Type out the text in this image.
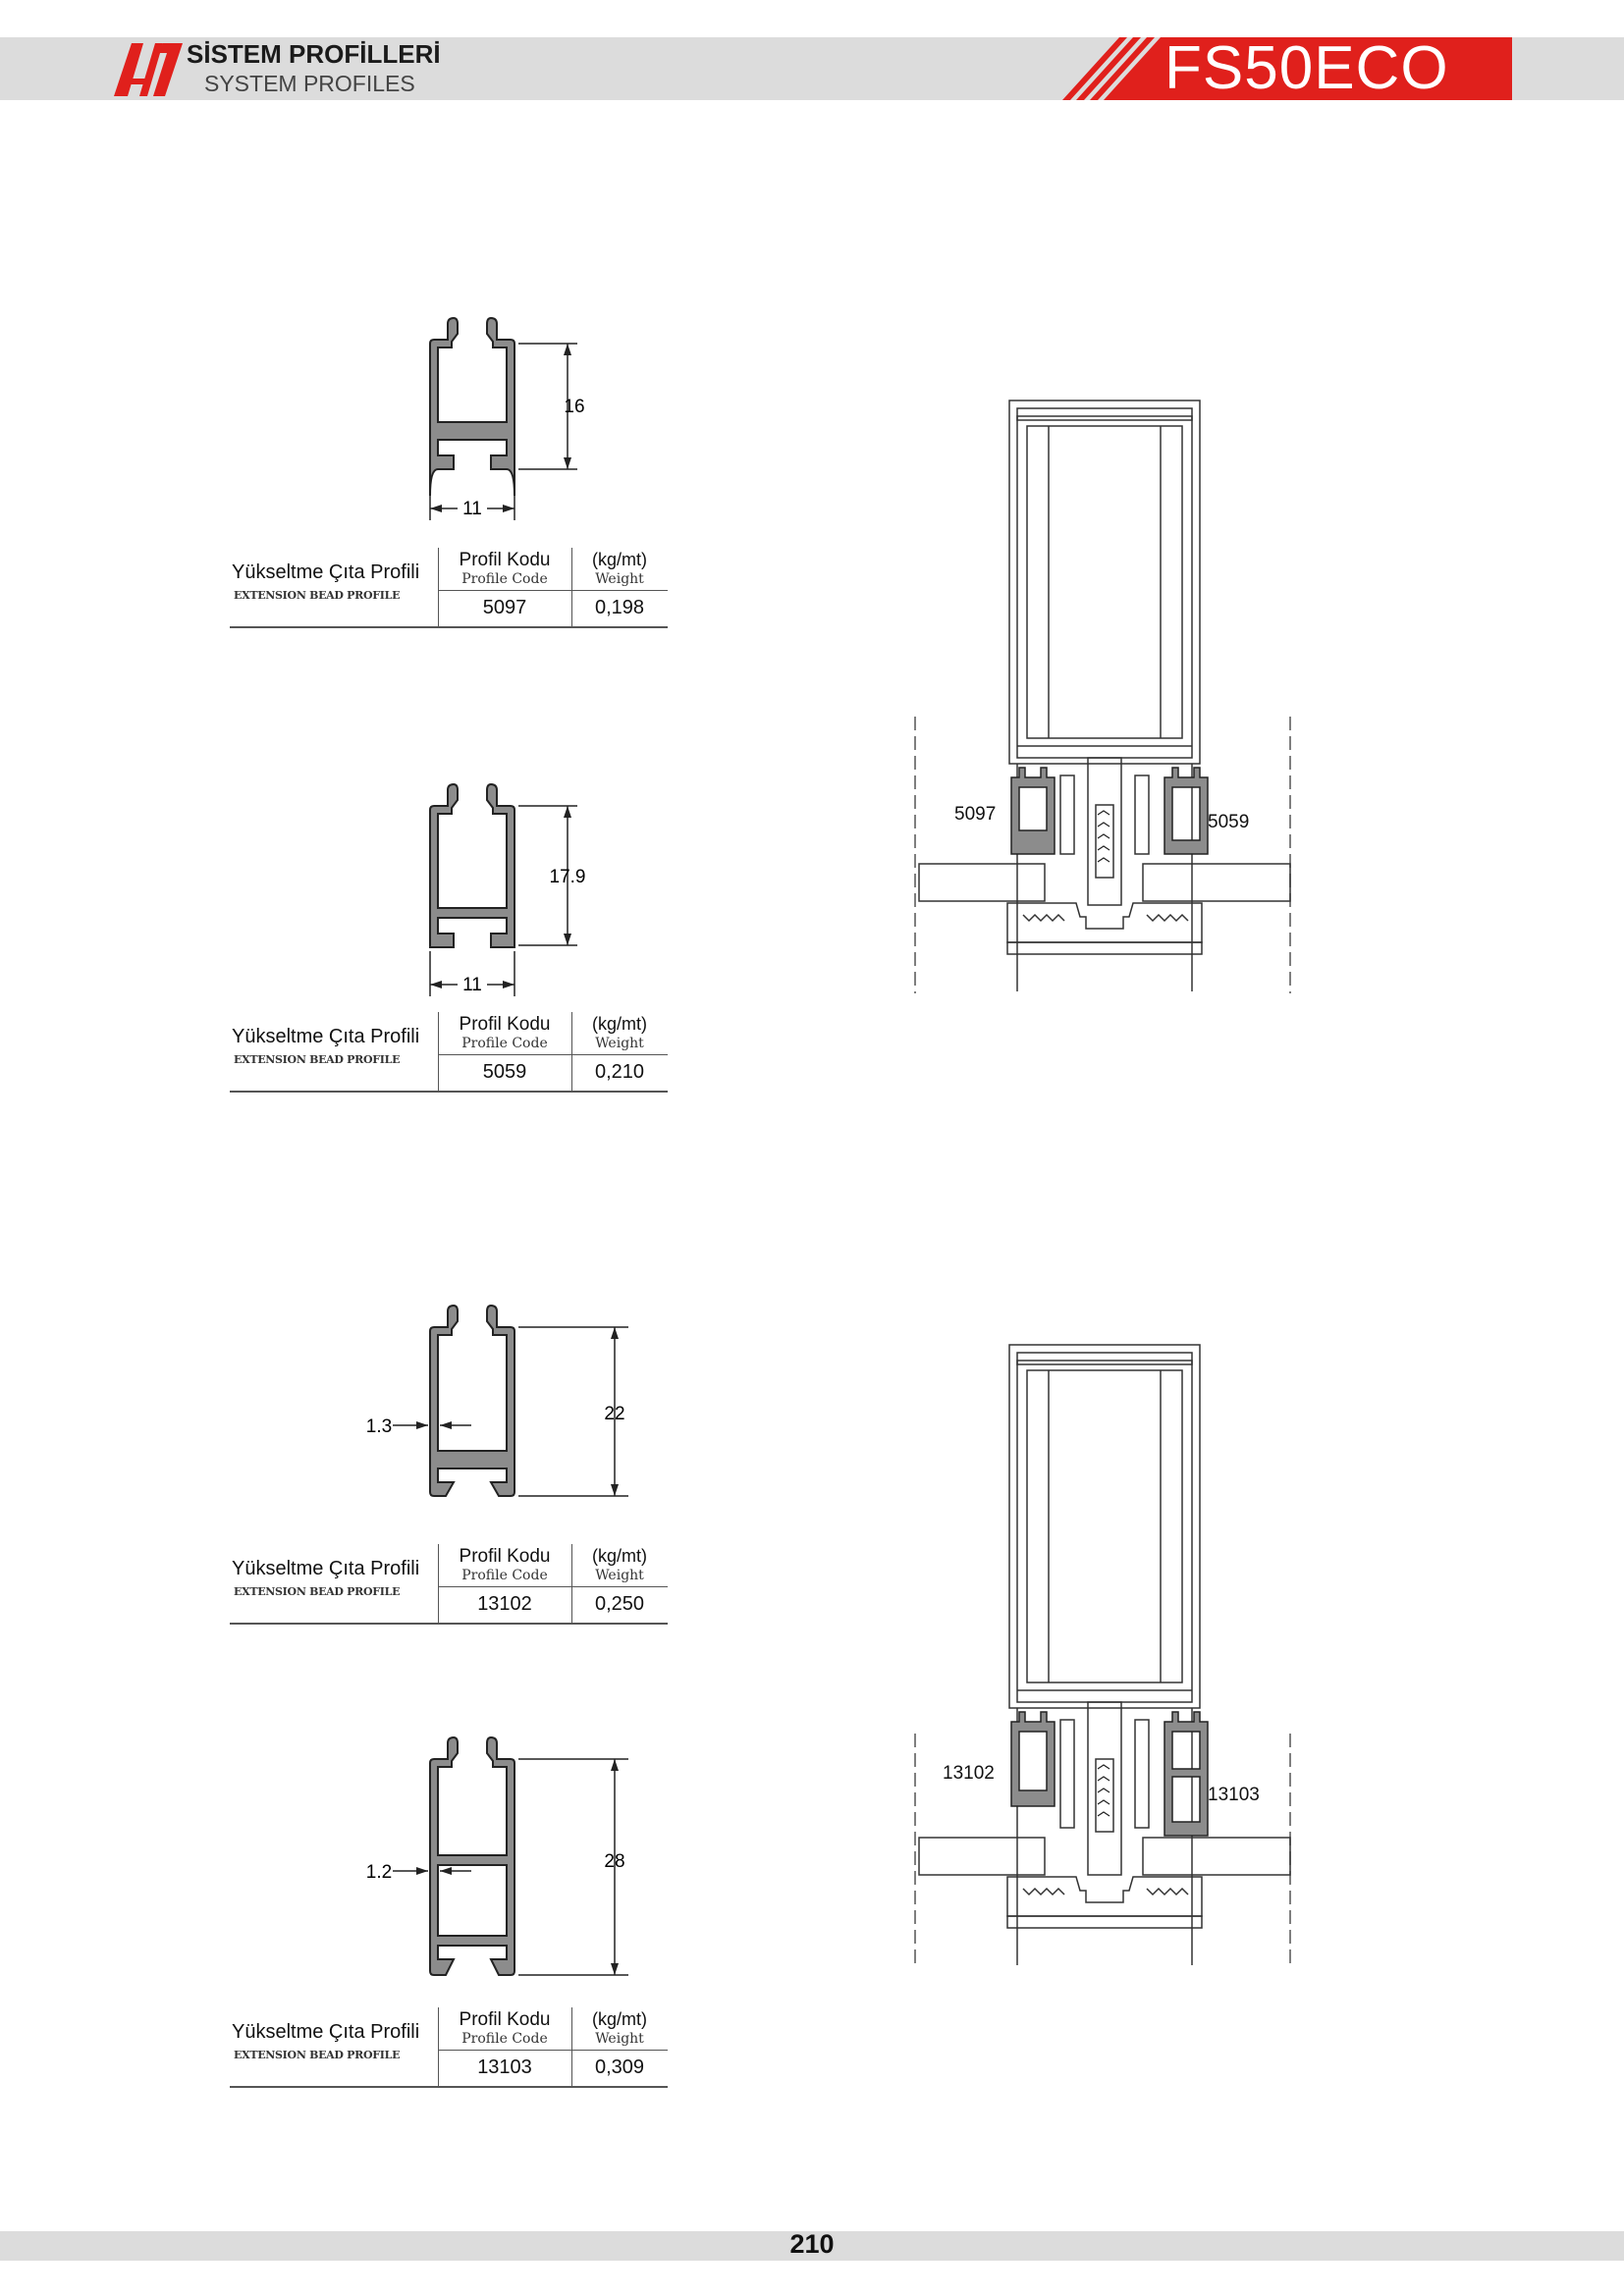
SİSTEM PROFİLLERİ
SYSTEM PROFILES	FS50ECO
16
11
17.9
11
22
1.3
28
1.2
Yükseltme Çıta Profili
EXTENSION BEAD PROFILE
Profil Kodu
Profile Code
(kg/mt)
Weight
5097	0,198
Yükseltme Çıta Profili
EXTENSION BEAD PROFILE
Profil Kodu
Profile Code
(kg/mt)
Weight
5059	0,210
Yükseltme Çıta Profili
EXTENSION BEAD PROFILE
Profil Kodu
Profile Code
(kg/mt)
Weight
13102	0,250
Yükseltme Çıta Profili
EXTENSION BEAD PROFILE
Profil Kodu
Profile Code
(kg/mt)
Weight
13103	0,309
5097	5059
13102
13103
210
